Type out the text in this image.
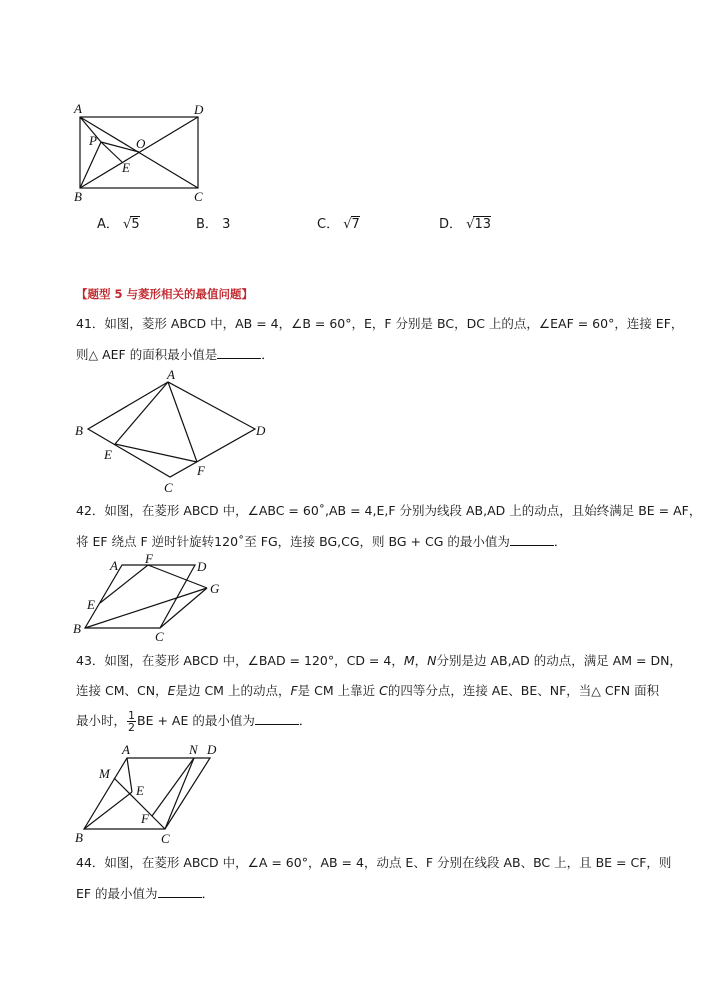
A	D
P	O
E
B	C
A． √5	B． 3	C． √7	D． √13
【题型 5 与菱形相关的最值问题】
41．如图，菱形 ABCD 中，AB = 4，∠B = 60°，E，F 分别是 BC，DC 上的点，∠EAF = 60°，连接 EF，
则△ AEF 的面积最小值是	．
A
B	D
E
F
C
42．如图，在菱形 ABCD 中，∠ABC = 60˚,AB = 4,E,F 分别为线段 AB,AD 上的动点，且始终满足 BE = AF，
将 EF 绕点 F 逆时针旋转120˚至 FG，连接 BG,CG，则 BG + CG 的最小值为	．
A F
D
G
E
B
C
43．如图，在菱形 ABCD 中，∠BAD = 120°，CD = 4，M，N分别是边 AB,AD 的动点，满足 AM = DN，
连接 CM、CN，E是边 CM 上的动点，F是 CM 上靠近 C的四等分点，连接 AE、BE、NF，当△ CFN 面积
最小时， $\frac{1}{2}$ BE + AE 的最小值为	．
A	N D
M
E
F
B	C
44．如图，在菱形 ABCD 中，∠A = 60°，AB = 4，动点 E、F 分别在线段 AB、BC 上，且 BE = CF，则
EF 的最小值为	．
